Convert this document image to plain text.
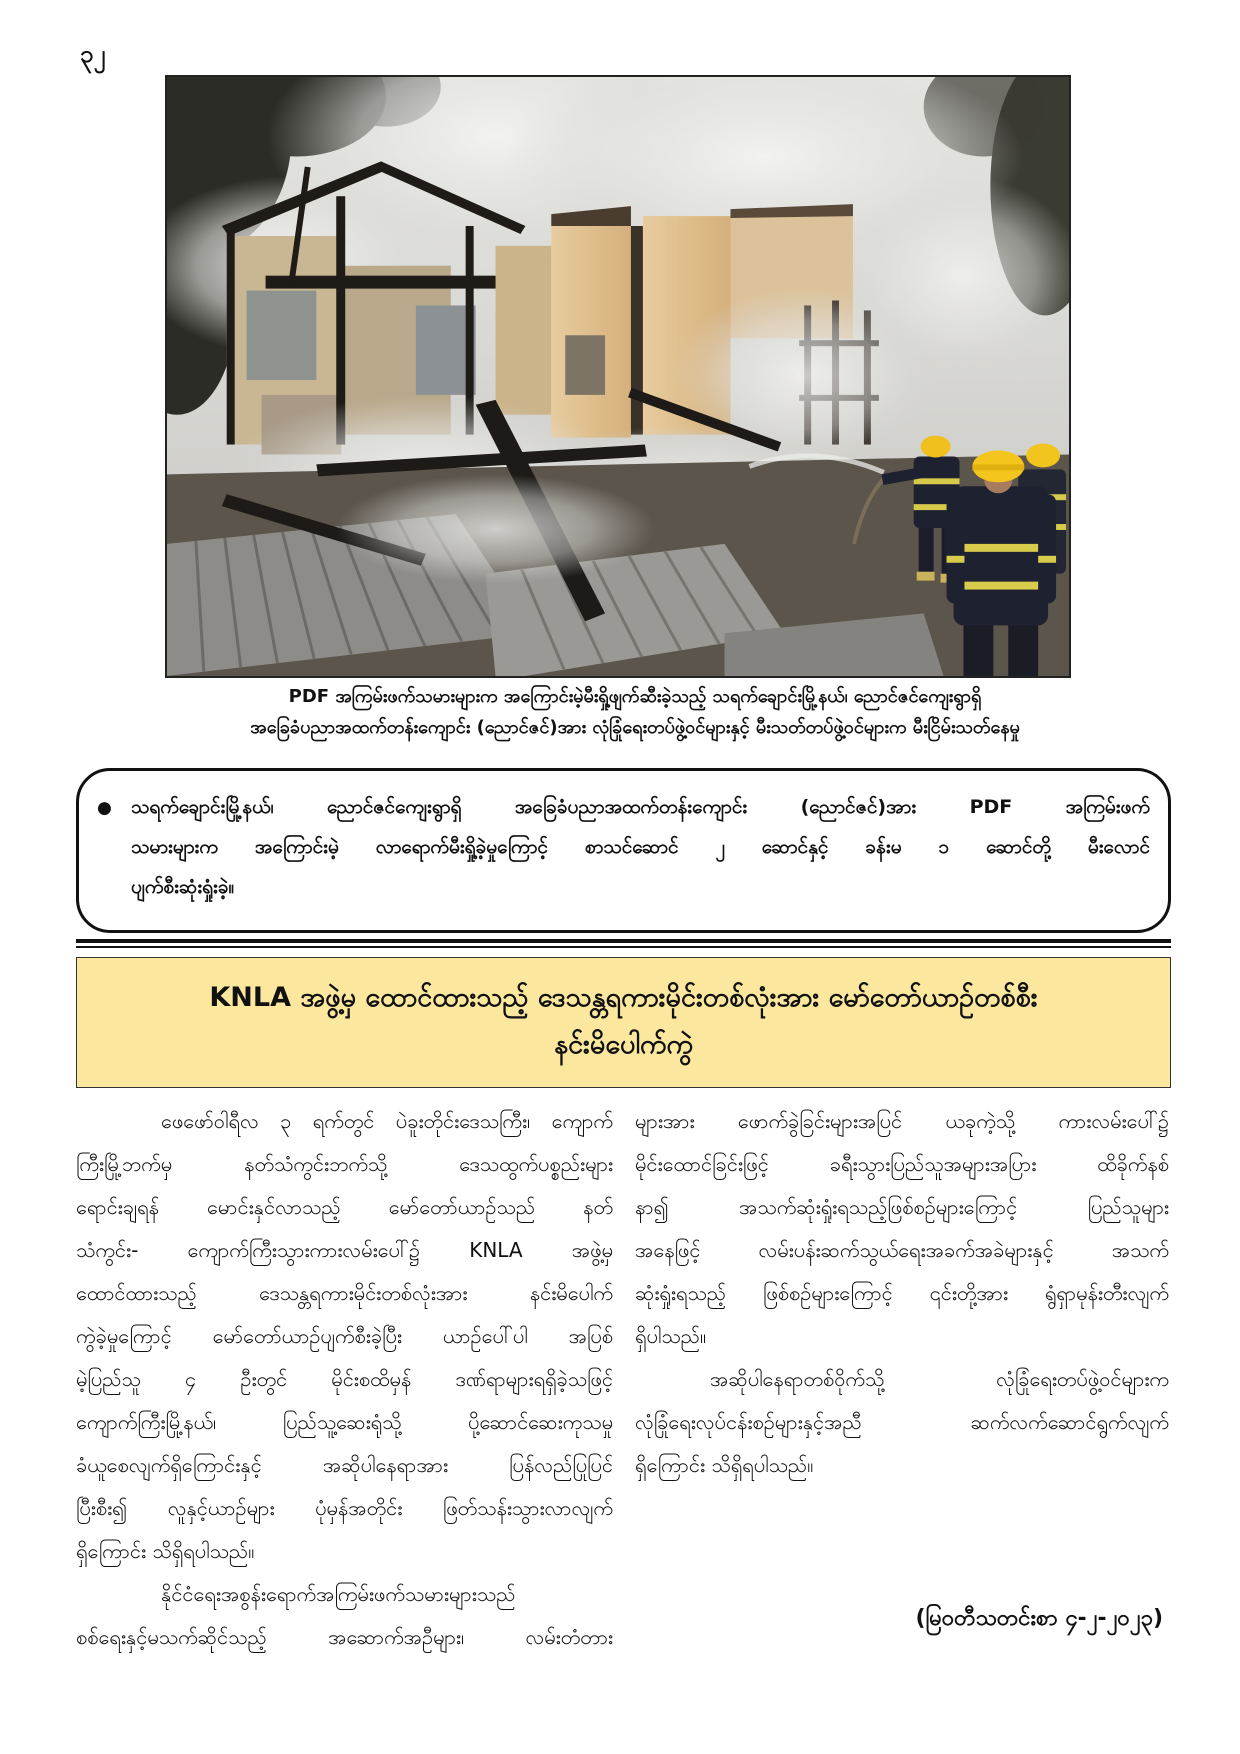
၃၂
PDF အကြမ်းဖက်သမားများက အကြောင်းမဲ့မီးရှို့ဖျက်ဆီးခဲ့သည့် သရက်ချောင်းမြို့နယ်၊ ညောင်ဇင်ကျေးရွာရှိ
အခြေခံပညာအထက်တန်းကျောင်း (ညောင်ဇင်)အား လုံခြုံရေးတပ်ဖွဲ့ဝင်များနှင့် မီးသတ်တပ်ဖွဲ့ဝင်များက မီးငြိမ်းသတ်နေမှု
● သရက်ချောင်းမြို့နယ်၊ ညောင်ဇင်ကျေးရွာရှိ အခြေခံပညာအထက်တန်းကျောင်း (ညောင်ဇင်)အား PDF အကြမ်းဖက်
သမားများက အကြောင်းမဲ့ လာရောက်မီးရှို့ခဲ့မှုကြောင့် စာသင်ဆောင် ၂ ဆောင်နှင့် ခန်းမ ၁ ဆောင်တို့ မီးလောင်
ပျက်စီးဆုံးရှုံးခဲ့။
KNLA အဖွဲ့မှ ထောင်ထားသည့် ဒေသန္တရကားမိုင်းတစ်လုံးအား မော်တော်ယာဉ်တစ်စီး
နင်းမိပေါက်ကွဲ
ဖေဖော်ဝါရီလ ၃ ရက်တွင် ပဲခူးတိုင်းဒေသကြီး၊ ကျောက်
ကြီးမြို့ဘက်မှ နတ်သံကွင်းဘက်သို့ ဒေသထွက်ပစ္စည်းများ
ရောင်းချရန် မောင်းနှင်လာသည့် မော်တော်ယာဉ်သည် နတ်
သံကွင်း- ကျောက်ကြီးသွားကားလမ်းပေါ်၌ KNLA အဖွဲ့မှ
ထောင်ထားသည့် ဒေသန္တရကားမိုင်းတစ်လုံးအား နင်းမိပေါက်
ကွဲခဲ့မှုကြောင့် မော်တော်ယာဉ်ပျက်စီးခဲ့ပြီး ယာဉ်ပေါ်ပါ အပြစ်
မဲ့ပြည်သူ ၄ ဦးတွင် မိုင်းစထိမှန် ဒဏ်ရာများရရှိခဲ့သဖြင့်
ကျောက်ကြီးမြို့နယ်၊ ပြည်သူ့ဆေးရုံသို့ ပို့ဆောင်ဆေးကုသမှု
ခံယူစေလျက်ရှိကြောင်းနှင့် အဆိုပါနေရာအား ပြန်လည်ပြုပြင်
ပြီးစီး၍ လူနှင့်ယာဉ်များ ပုံမှန်အတိုင်း ဖြတ်သန်းသွားလာလျက်
ရှိကြောင်း သိရှိရပါသည်။
နိုင်ငံရေးအစွန်းရောက်အကြမ်းဖက်သမားများသည်
စစ်ရေးနှင့်မသက်ဆိုင်သည့် အဆောက်အဦများ၊ လမ်းတံတား
များအား ဖောက်ခွဲခြင်းများအပြင် ယခုကဲ့သို့ ကားလမ်းပေါ်၌
မိုင်းထောင်ခြင်းဖြင့် ခရီးသွားပြည်သူအများအပြား ထိခိုက်နစ်
နာ၍ အသက်ဆုံးရှုံးရသည့်ဖြစ်စဉ်များကြောင့် ပြည်သူများ
အနေဖြင့် လမ်းပန်းဆက်သွယ်ရေးအခက်အခဲများနှင့် အသက်
ဆုံးရှုံးရသည့် ဖြစ်စဉ်များကြောင့် ၎င်းတို့အား ရွံရှာမုန်းတီးလျက်
ရှိပါသည်။
အဆိုပါနေရာတစ်ဝိုက်သို့ လုံခြုံရေးတပ်ဖွဲ့ဝင်များက
လုံခြုံရေးလုပ်ငန်းစဉ်များနှင့်အညီ ဆက်လက်ဆောင်ရွက်လျက်
ရှိကြောင်း သိရှိရပါသည်။
(မြဝတီသတင်းစာ ၄-၂-၂၀၂၃)
